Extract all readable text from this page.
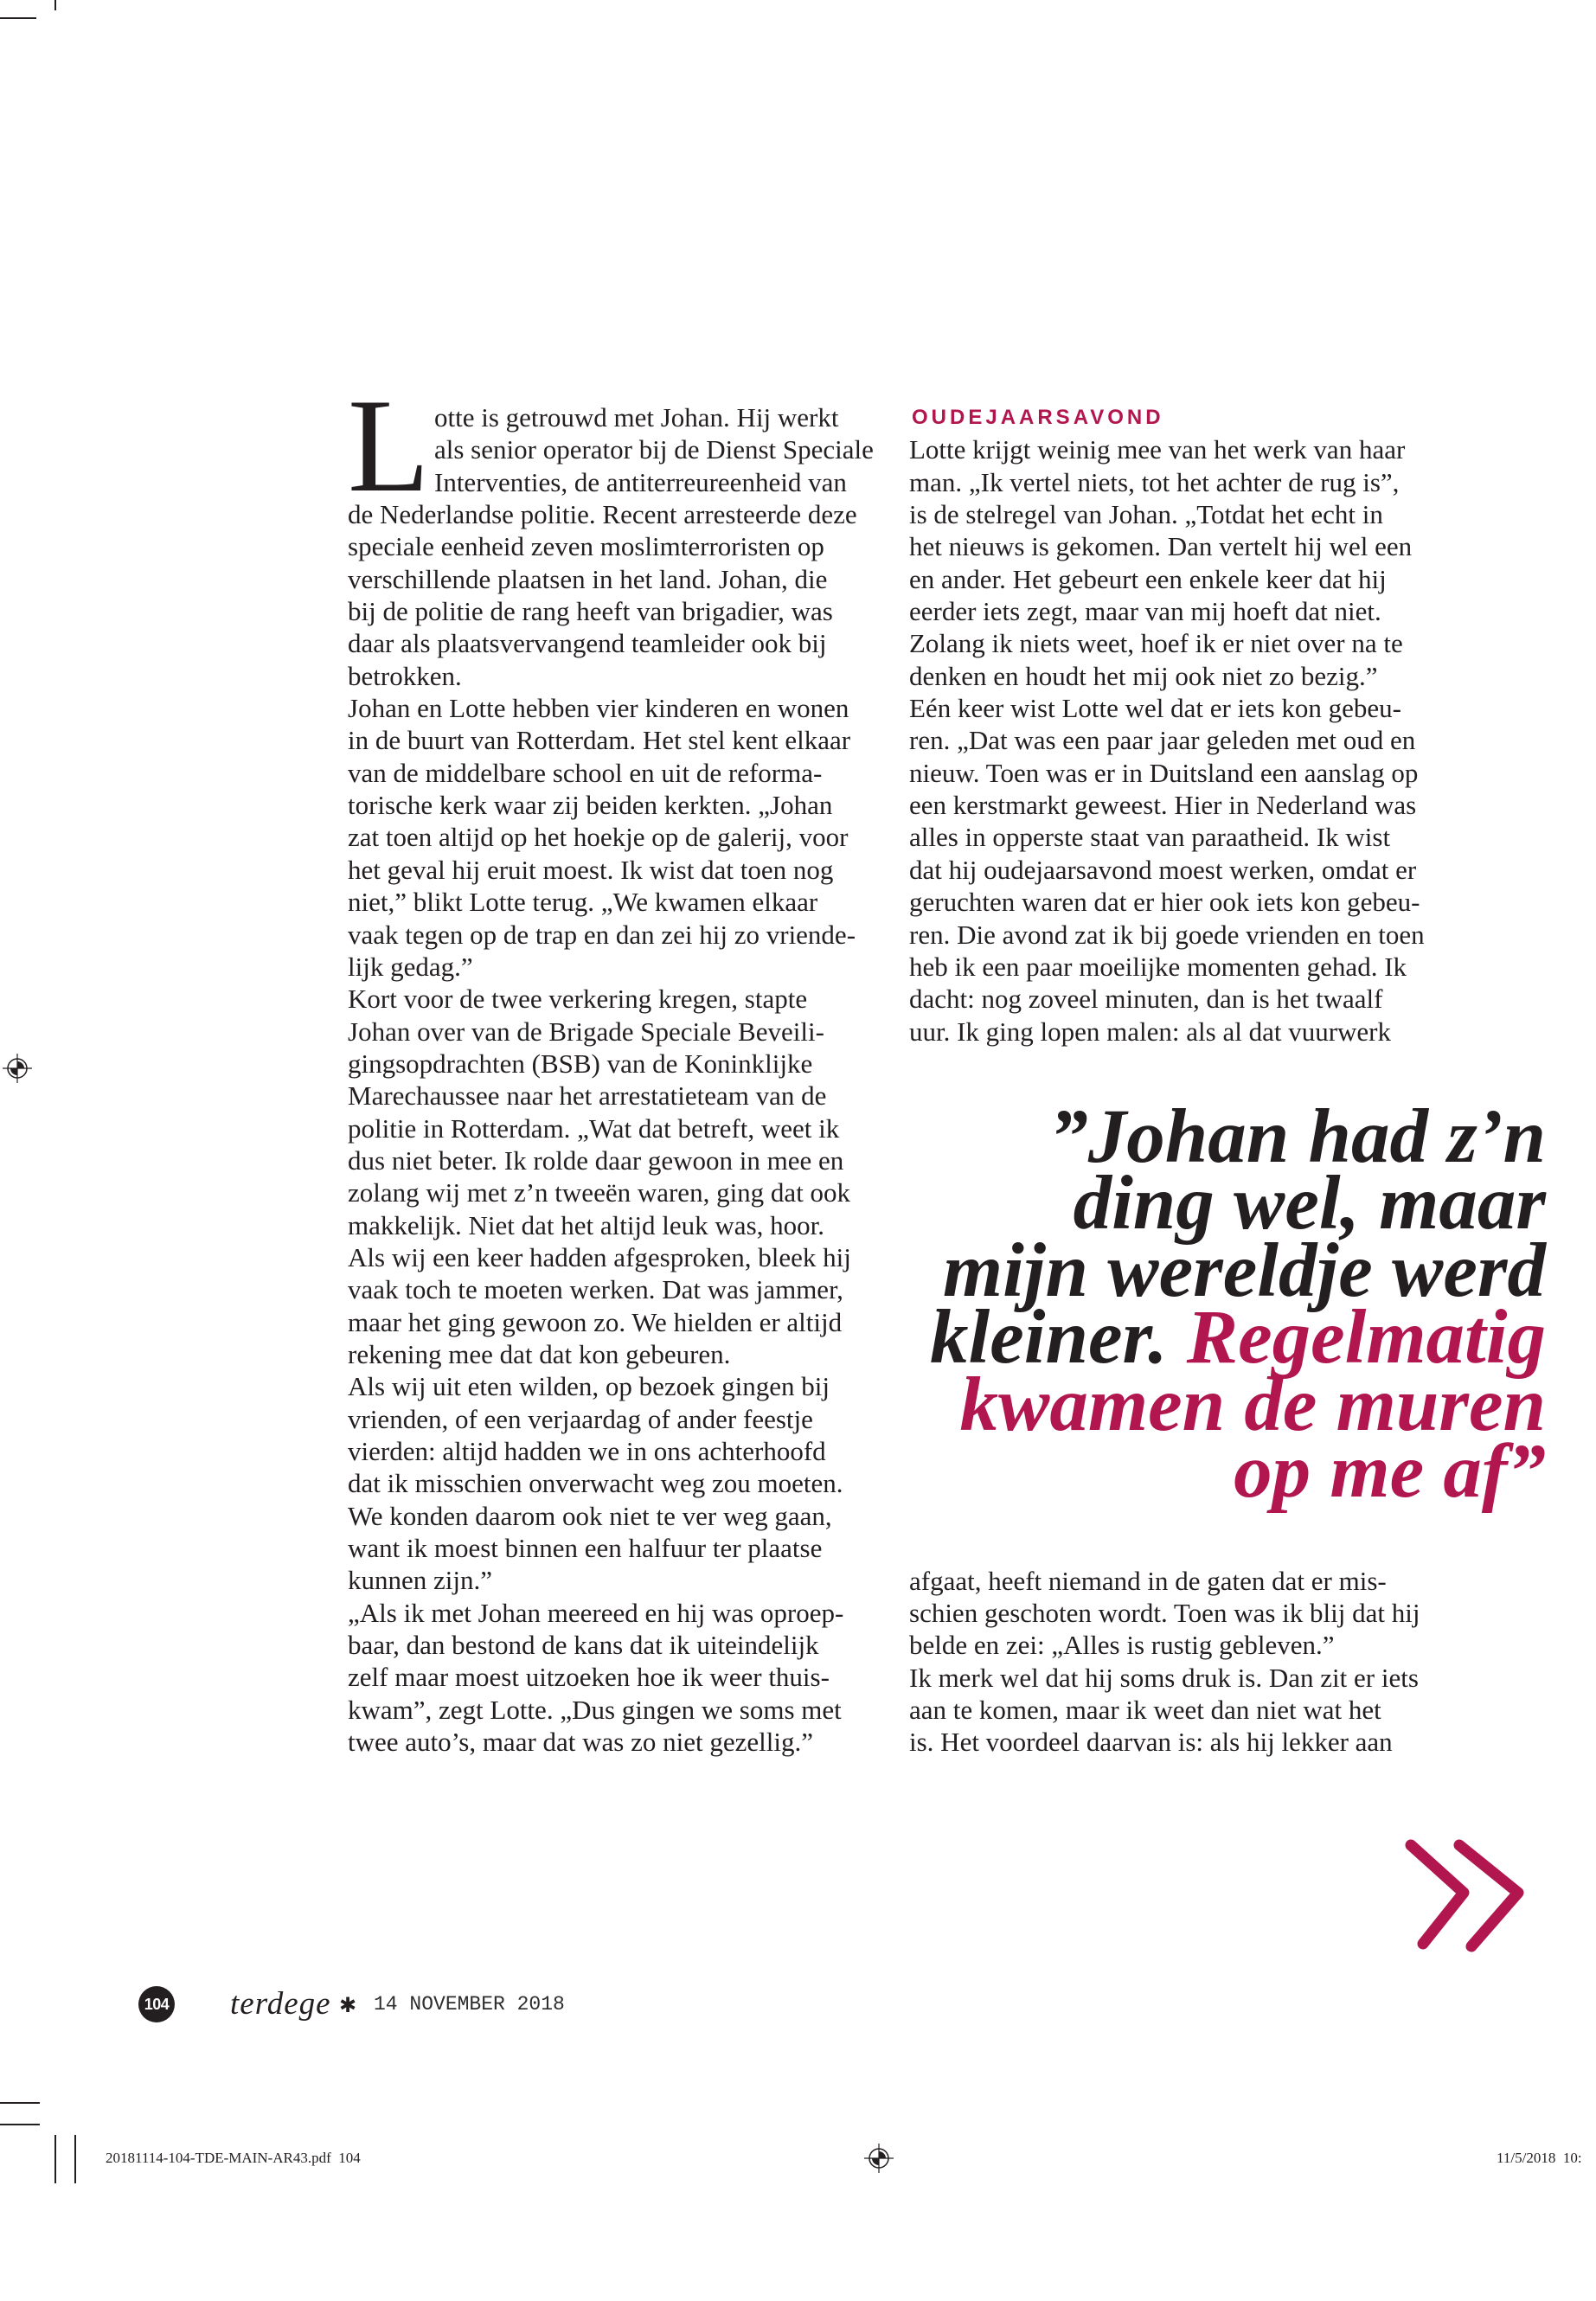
L otte is getrouwd met Johan. Hij werkt
als senior operator bij de Dienst Speciale
Interventies, de antiterreureenheid van
de Nederlandse politie. Recent arresteerde deze
speciale eenheid zeven moslimterroristen op
verschillende plaatsen in het land. Johan, die
bij de politie de rang heeft van brigadier, was
daar als plaatsvervangend teamleider ook bij
betrokken.
Johan en Lotte hebben vier kinderen en wonen
in de buurt van Rotterdam. Het stel kent elkaar
van de middelbare school en uit de reforma-
torische kerk waar zij beiden kerkten. „Johan
zat toen altijd op het hoekje op de galerij, voor
het geval hij eruit moest. Ik wist dat toen nog
niet,” blikt Lotte terug. „We kwamen elkaar
vaak tegen op de trap en dan zei hij zo vriende-
lijk gedag.”
Kort voor de twee verkering kregen, stapte
Johan over van de Brigade Speciale Beveili-
gingsopdrachten (BSB) van de Koninklijke
Marechaussee naar het arrestatieteam van de
politie in Rotterdam. „Wat dat betreft, weet ik
dus niet beter. Ik rolde daar gewoon in mee en
zolang wij met z’n tweeën waren, ging dat ook
makkelijk. Niet dat het altijd leuk was, hoor.
Als wij een keer hadden afgesproken, bleek hij
vaak toch te moeten werken. Dat was jammer,
maar het ging gewoon zo. We hielden er altijd
rekening mee dat dat kon gebeuren.
Als wij uit eten wilden, op bezoek gingen bij
vrienden, of een verjaardag of ander feestje
vierden: altijd hadden we in ons achterhoofd
dat ik misschien onverwacht weg zou moeten.
We konden daarom ook niet te ver weg gaan,
want ik moest binnen een halfuur ter plaatse
kunnen zijn.”
„Als ik met Johan meereed en hij was oproep-
baar, dan bestond de kans dat ik uiteindelijk
zelf maar moest uitzoeken hoe ik weer thuis-
kwam”, zegt Lotte. „Dus gingen we soms met
twee auto’s, maar dat was zo niet gezellig.”
OUDEJAARSAVOND
Lotte krijgt weinig mee van het werk van haar
man. „Ik vertel niets, tot het achter de rug is”,
is de stelregel van Johan. „Totdat het echt in
het nieuws is gekomen. Dan vertelt hij wel een
en ander. Het gebeurt een enkele keer dat hij
eerder iets zegt, maar van mij hoeft dat niet.
Zolang ik niets weet, hoef ik er niet over na te
denken en houdt het mij ook niet zo bezig.”
Eén keer wist Lotte wel dat er iets kon gebeu-
ren. „Dat was een paar jaar geleden met oud en
nieuw. Toen was er in Duitsland een aanslag op
een kerstmarkt geweest. Hier in Nederland was
alles in opperste staat van paraatheid. Ik wist
dat hij oudejaarsavond moest werken, omdat er
geruchten waren dat er hier ook iets kon gebeu-
ren. Die avond zat ik bij goede vrienden en toen
heb ik een paar moeilijke momenten gehad. Ik
dacht: nog zoveel minuten, dan is het twaalf
uur. Ik ging lopen malen: als al dat vuurwerk
”Johan had z’n
ding wel, maar
mijn wereldje werd
kleiner. Regelmatig
kwamen de muren
op me af”
afgaat, heeft niemand in de gaten dat er mis-
schien geschoten wordt. Toen was ik blij dat hij
belde en zei: „Alles is rustig gebleven.”
Ik merk wel dat hij soms druk is. Dan zit er iets
aan te komen, maar ik weet dan niet wat het
is. Het voordeel daarvan is: als hij lekker aan
104 terdege ✱ 14 NOVEMBER 2018
20181114-104-TDE-MAIN-AR43.pdf  104	11/5/2018  10:
